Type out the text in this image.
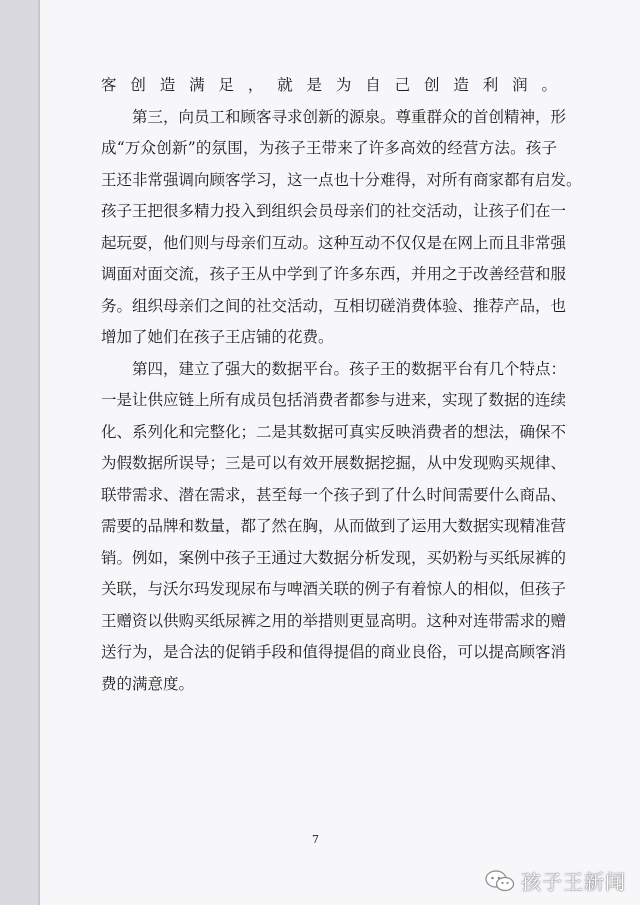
客创造满足，就是为自己创造利润。
第三，向员工和顾客寻求创新的源泉。尊重群众的首创精神，形
成“万众创新”的氛围，为孩子王带来了许多高效的经营方法。孩子
王还非常强调向顾客学习，这一点也十分难得，对所有商家都有启发。
孩子王把很多精力投入到组织会员母亲们的社交活动，让孩子们在一
起玩耍，他们则与母亲们互动。这种互动不仅仅是在网上而且非常强
调面对面交流，孩子王从中学到了许多东西，并用之于改善经营和服
务。组织母亲们之间的社交活动，互相切磋消费体验、推荐产品，也
增加了她们在孩子王店铺的花费。
第四，建立了强大的数据平台。孩子王的数据平台有几个特点：
一是让供应链上所有成员包括消费者都参与进来，实现了数据的连续
化、系列化和完整化；二是其数据可真实反映消费者的想法，确保不
为假数据所误导；三是可以有效开展数据挖掘，从中发现购买规律、
联带需求、潜在需求，甚至每一个孩子到了什么时间需要什么商品、
需要的品牌和数量，都了然在胸，从而做到了运用大数据实现精准营
销。例如，案例中孩子王通过大数据分析发现，买奶粉与买纸尿裤的
关联，与沃尔玛发现尿布与啤酒关联的例子有着惊人的相似，但孩子
王赠资以供购买纸尿裤之用的举措则更显高明。这种对连带需求的赠
送行为，是合法的促销手段和值得提倡的商业良俗，可以提高顾客消
费的满意度。
7
孩子王新闻
